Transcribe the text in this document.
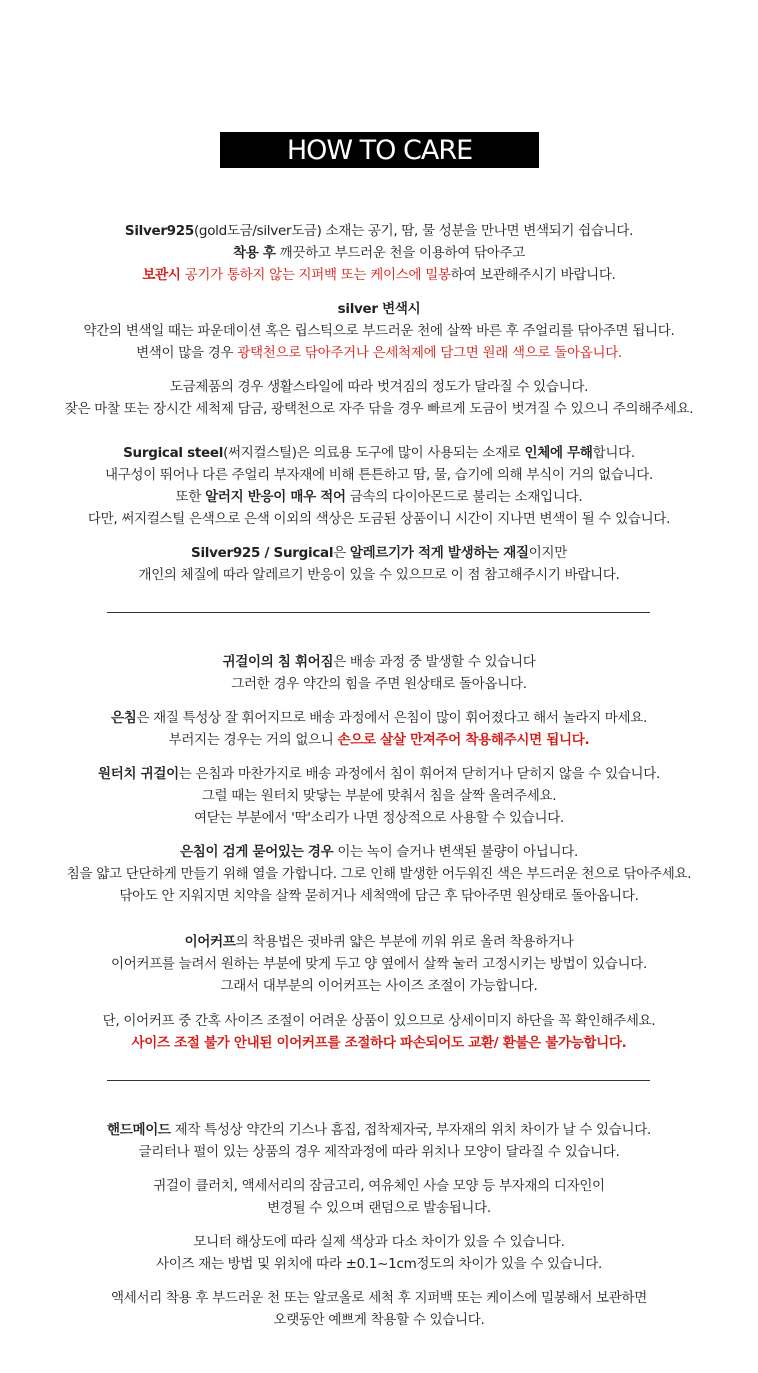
HOW TO CARE
Silver925(gold도금/silver도금) 소재는 공기, 땀, 물 성분을 만나면 변색되기 쉽습니다.
착용 후 깨끗하고 부드러운 천을 이용하여 닦아주고
보관시 공기가 통하지 않는 지퍼백 또는 케이스에 밀봉하여 보관해주시기 바랍니다.
silver 변색시
약간의 변색일 때는 파운데이션 혹은 립스틱으로 부드러운 천에 살짝 바른 후 주얼리를 닦아주면 됩니다.
변색이 많을 경우 광택천으로 닦아주거나 은세척제에 담그면 원래 색으로 돌아옵니다.
도금제품의 경우 생활스타일에 따라 벗겨짐의 정도가 달라질 수 있습니다.
잦은 마찰 또는 장시간 세척제 담금, 광택천으로 자주 닦을 경우 빠르게 도금이 벗겨질 수 있으니 주의해주세요.
Surgical steel(써지컬스틸)은 의료용 도구에 많이 사용되는 소재로 인체에 무해합니다.
내구성이 뛰어나 다른 주얼리 부자재에 비해 튼튼하고 땀, 물, 습기에 의해 부식이 거의 없습니다.
또한 알러지 반응이 매우 적어 금속의 다이아몬드로 불리는 소재입니다.
다만, 써지컬스틸 은색으로 은색 이외의 색상은 도금된 상품이니 시간이 지나면 변색이 될 수 있습니다.
Silver925 / Surgical은 알레르기가 적게 발생하는 재질이지만
개인의 체질에 따라 알레르기 반응이 있을 수 있으므로 이 점 참고해주시기 바랍니다.
귀걸이의 침 휘어짐은 배송 과정 중 발생할 수 있습니다
그러한 경우 약간의 힘을 주면 원상태로 돌아옵니다.
은침은 재질 특성상 잘 휘어지므로 배송 과정에서 은침이 많이 휘어졌다고 해서 놀라지 마세요.
부러지는 경우는 거의 없으니 손으로 살살 만져주어 착용해주시면 됩니다.
원터치 귀걸이는 은침과 마찬가지로 배송 과정에서 침이 휘어져 닫히거나 닫히지 않을 수 있습니다.
그럴 때는 원터치 맞닿는 부분에 맞춰서 침을 살짝 올려주세요.
여닫는 부분에서 '딱'소리가 나면 정상적으로 사용할 수 있습니다.
은침이 검게 묻어있는 경우 이는 녹이 슬거나 변색된 불량이 아닙니다.
침을 얇고 단단하게 만들기 위해 열을 가합니다. 그로 인해 발생한 어두워진 색은 부드러운 천으로 닦아주세요.
닦아도 안 지워지면 치약을 살짝 묻히거나 세척액에 담근 후 닦아주면 원상태로 돌아옵니다.
이어커프의 착용법은 귓바퀴 얇은 부분에 끼워 위로 올려 착용하거나
이어커프를 늘려서 원하는 부분에 맞게 두고 양 옆에서 살짝 눌러 고정시키는 방법이 있습니다.
그래서 대부분의 이어커프는 사이즈 조절이 가능합니다.
단, 이어커프 중 간혹 사이즈 조절이 어려운 상품이 있으므로 상세이미지 하단을 꼭 확인해주세요.
사이즈 조절 불가 안내된 이어커프를 조절하다 파손되어도 교환/ 환불은 불가능합니다.
핸드메이드 제작 특성상 약간의 기스나 흠집, 접착제자국, 부자재의 위치 차이가 날 수 있습니다.
글리터나 펄이 있는 상품의 경우 제작과정에 따라 위치나 모양이 달라질 수 있습니다.
귀걸이 클러치, 액세서리의 잠금고리, 여유체인 사슬 모양 등 부자재의 디자인이
변경될 수 있으며 랜덤으로 발송됩니다.
모니터 해상도에 따라 실제 색상과 다소 차이가 있을 수 있습니다.
사이즈 재는 방법 및 위치에 따라 ±0.1~1cm정도의 차이가 있을 수 있습니다.
액세서리 착용 후 부드러운 천 또는 알코올로 세척 후 지퍼백 또는 케이스에 밀봉해서 보관하면
오랫동안 예쁘게 착용할 수 있습니다.
